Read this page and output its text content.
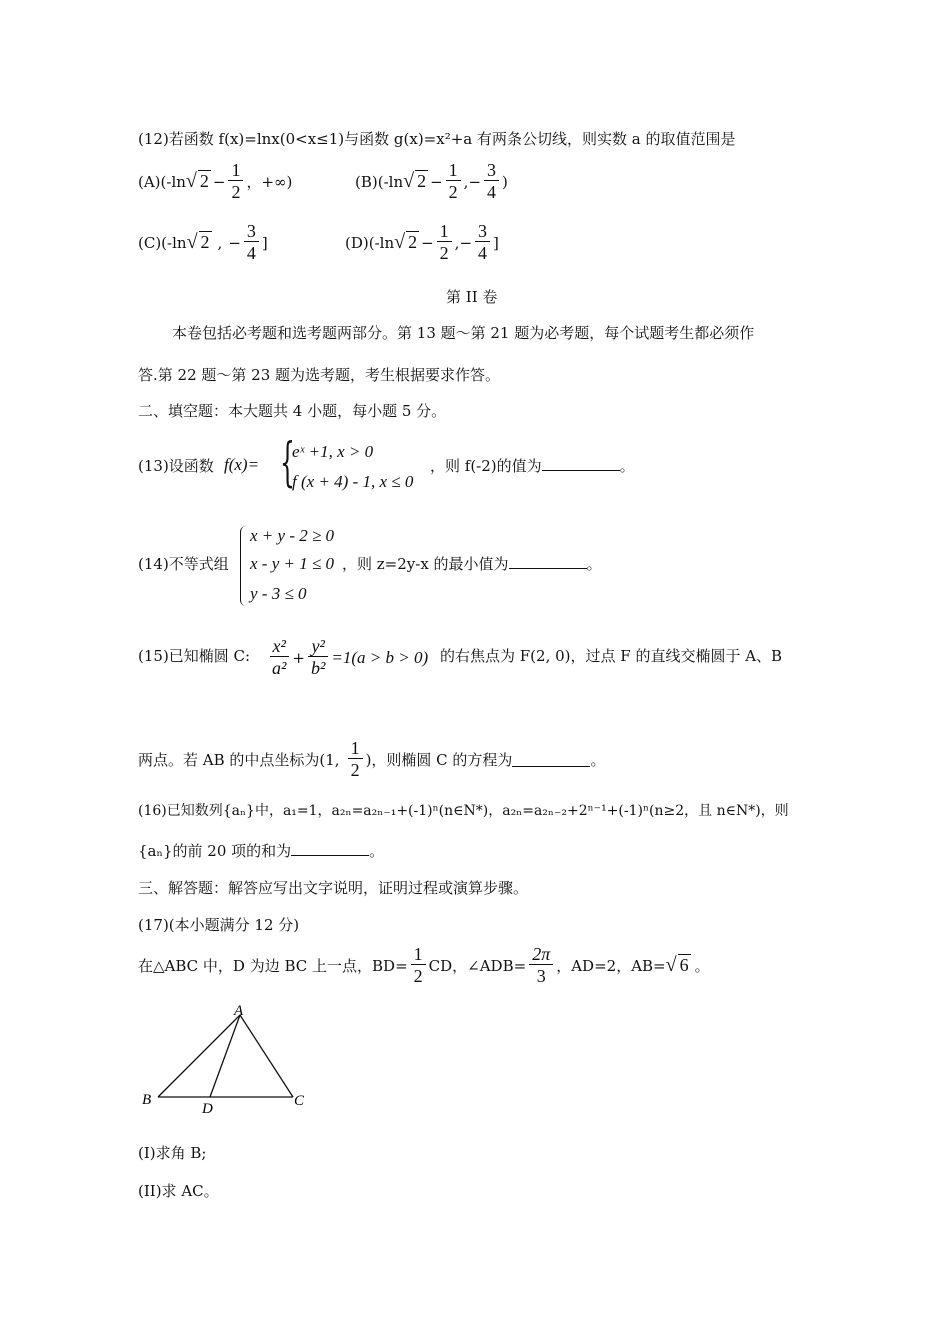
(12)若函数 f(x)=lnx(0<x≤1)与函数 g(x)=x²+a 有两条公切线，则实数 a 的取值范围是
(A)(-ln √ $2 - \frac{1}{2}$ ，+∞)	(B)(-ln √ $2 - \frac{1}{2}$ , − $\frac{3}{4}$ )
(C)(-ln √ 2 , − $\frac{3}{4}$ ]	(D)(-ln √ $2 - \frac{1}{2}$ , − $\frac{3}{4}$ ]
第 II 卷
本卷包括必考题和选考题两部分。第 13 题～第 21 题为必考题，每个试题考生都必须作
答.第 22 题～第 23 题为选考题，考生根据要求作答。
二、填空题：本大题共 4 小题，每小题 5 分。
(13)设函数 f(x)= {
eˣ +1, x > 0
f (x + 4) - 1, x ≤ 0
，则 f(-2)的值为	。
(14)不等式组
x + y - 2 ≥ 0
x - y + 1 ≤ 0
y - 3 ≤ 0
，则 z=2y-x 的最小值为	。
(15)已知椭圆 C: $\frac{\text{x²}}{\text{a²}} + \frac{\text{y²}}{\text{b²}} =1(a > b > 0)$ 的右焦点为 F(2, 0)，过点 F 的直线交椭圆于 A、B
两点。若 AB 的中点坐标为(1, $\frac{1}{2}$ )，则椭圆 C 的方程为	。
(16)已知数列{aₙ}中，a₁=1，a₂ₙ=a₂ₙ₋₁+(-1)ⁿ(n∈N*)，a₂ₙ=a₂ₙ₋₂+2ⁿ⁻¹+(-1)ⁿ(n≥2，且 n∈N*)，则
{aₙ}的前 20 项的和为	。
三、解答题：解答应写出文字说明，证明过程或演算步骤。
(17)(本小题满分 12 分)
在△ABC 中，D 为边 BC 上一点，$BD= \frac{1}{2}$ CD，∠ADB= $\frac{2\pi}{3}$ ，AD=2，AB= √ 6 。
A
B
D	C
(I)求角 B;
(II)求 AC。
